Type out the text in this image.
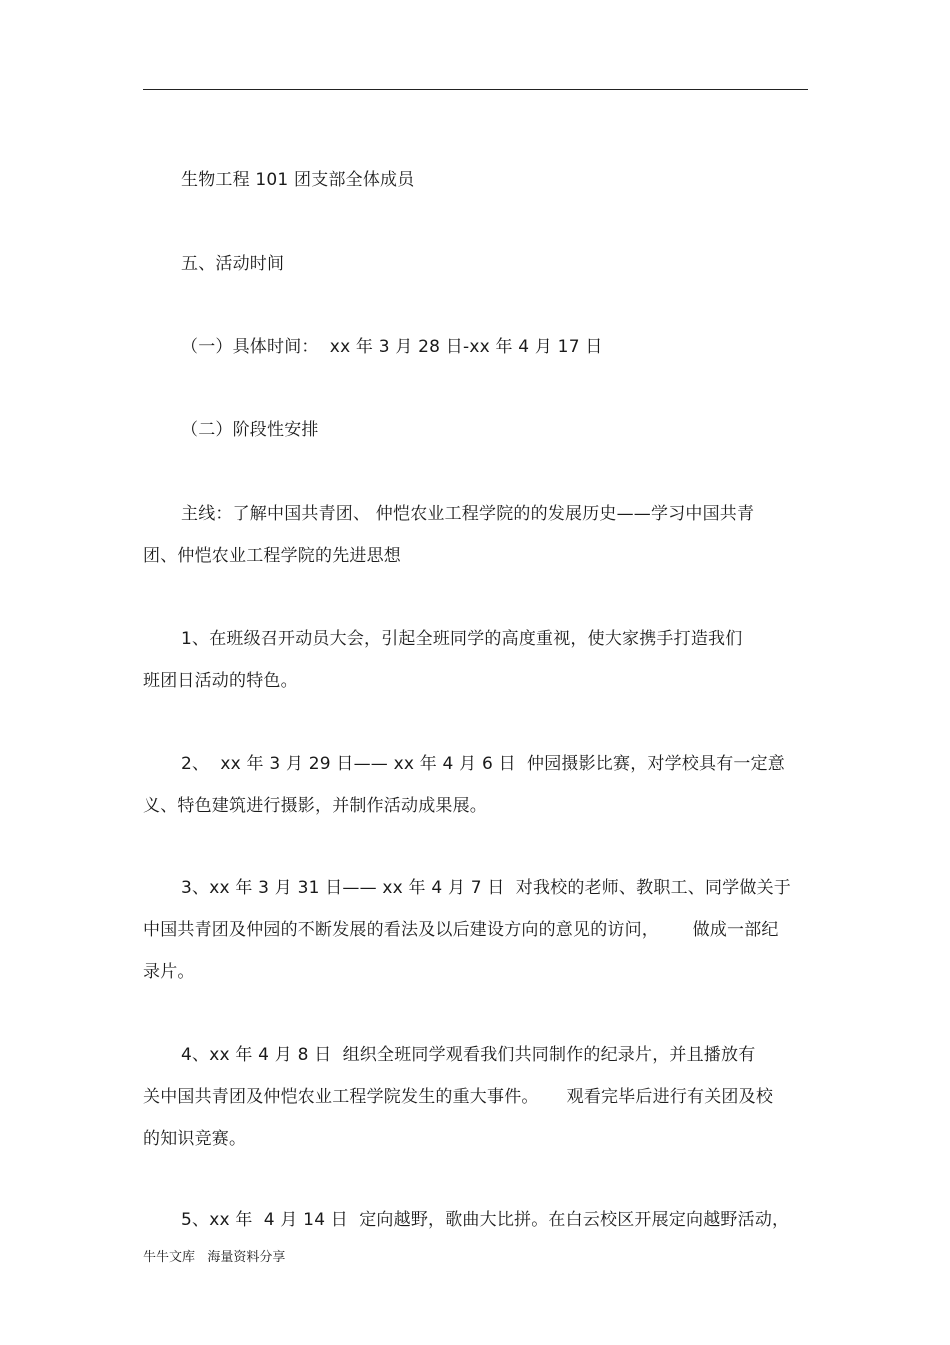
生物工程 101 团支部全体成员
五、活动时间
（一）具体时间：  xx 年 3 月 28 日-xx 年 4 月 17 日
（二）阶段性安排
主线：了解中国共青团、 仲恺农业工程学院的的发展历史——学习中国共青
团、仲恺农业工程学院的先进思想
1、在班级召开动员大会，引起全班同学的高度重视，使大家携手打造我们
班团日活动的特色。
2、  xx 年 3 月 29 日—— xx 年 4 月 6 日  仲园摄影比赛，对学校具有一定意
义、特色建筑进行摄影，并制作活动成果展。
3、xx 年 3 月 31 日—— xx 年 4 月 7 日  对我校的老师、教职工、同学做关于
中国共青团及仲园的不断发展的看法及以后建设方向的意见的访问，      做成一部纪
录片。
4、xx 年 4 月 8 日  组织全班同学观看我们共同制作的纪录片，并且播放有
关中国共青团及仲恺农业工程学院发生的重大事件。     观看完毕后进行有关团及校
的知识竞赛。
5、xx 年  4 月 14 日  定向越野，歌曲大比拼。在白云校区开展定向越野活动，
牛牛文库   海量资料分享
